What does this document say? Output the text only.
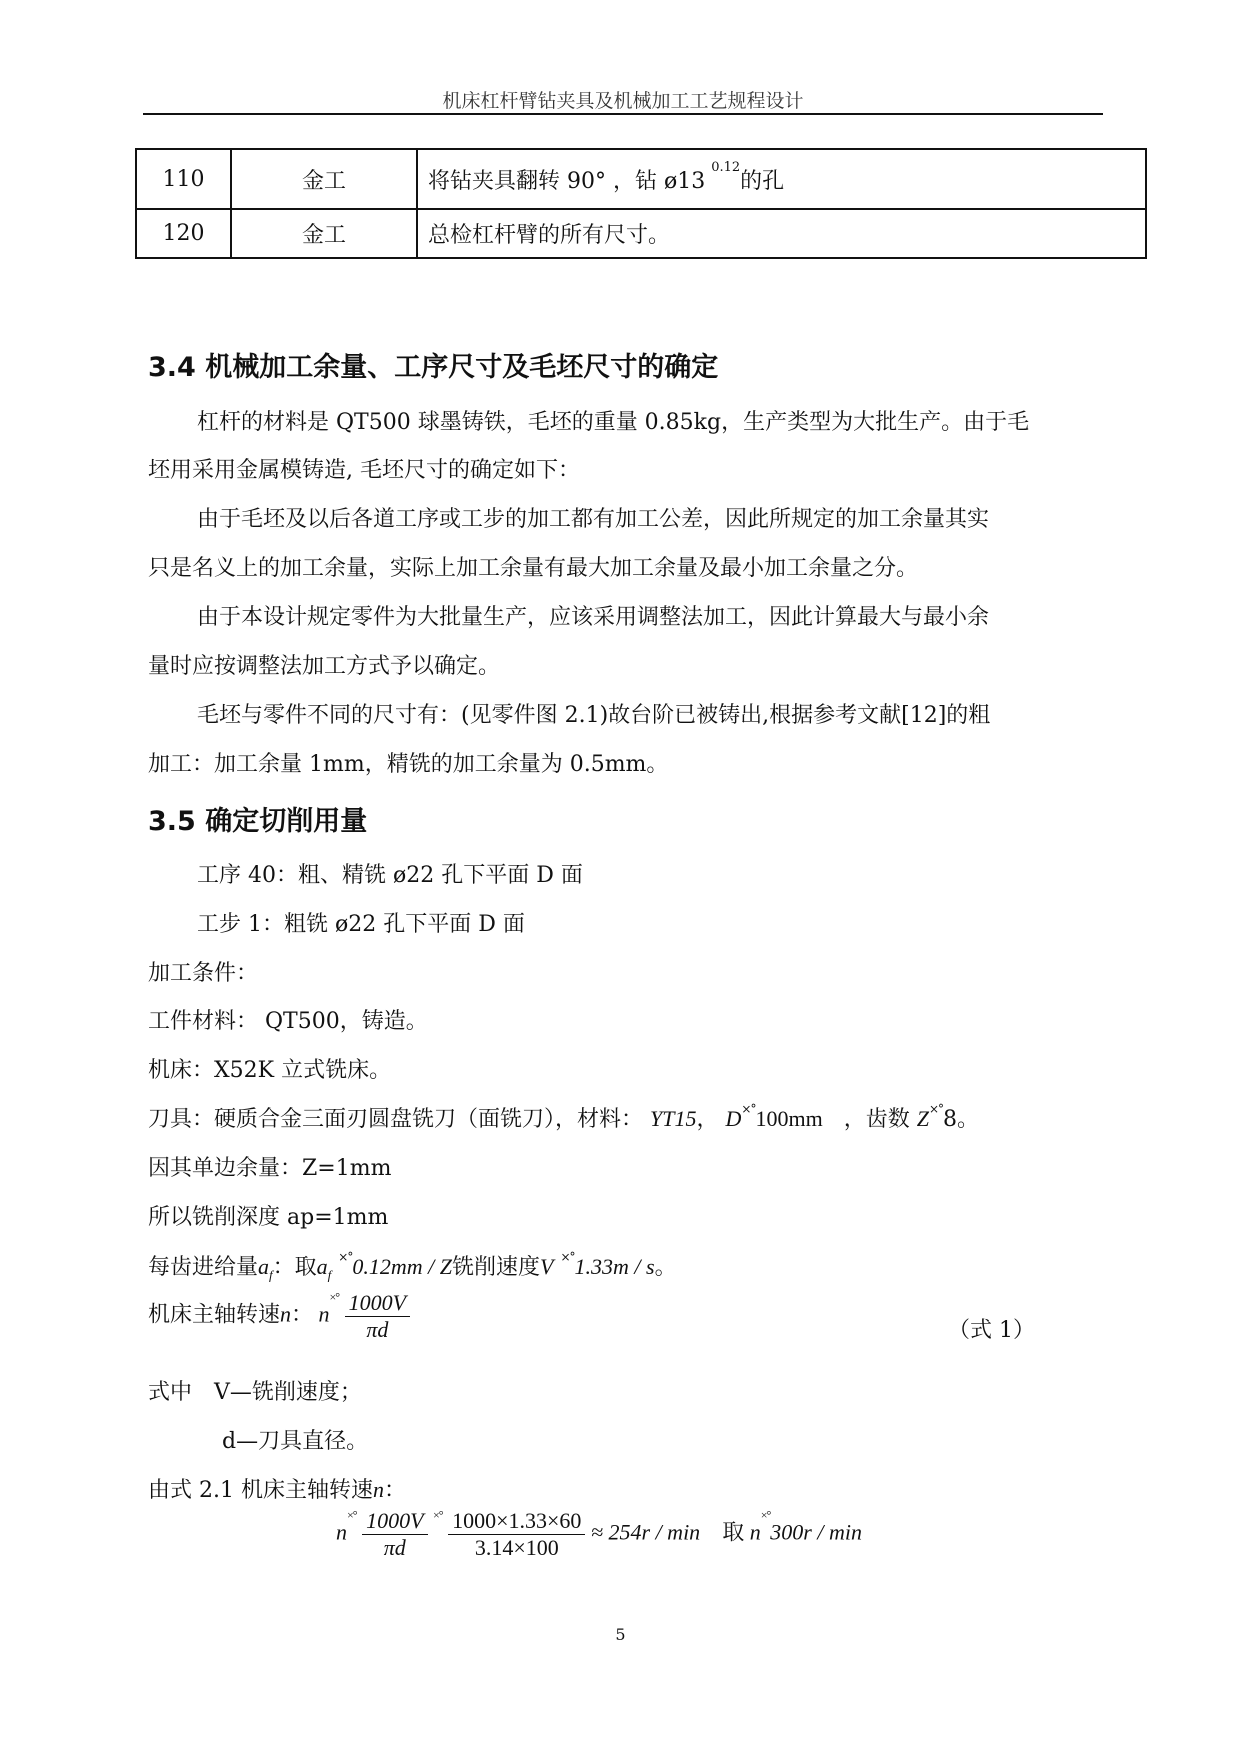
机床杠杆臂钻夹具及机械加工工艺规程设计
110	金工	将钻夹具翻转 90° ，钻 $ø13^{0.12}$的孔
120	金工	总检杠杆臂的所有尺寸。
3.4 机械加工余量、工序尺寸及毛坯尺寸的确定
杠杆的材料是 QT500 球墨铸铁，毛坯的重量 0.85kg，生产类型为大批生产。由于毛
坯用采用金属模铸造, 毛坯尺寸的确定如下：
由于毛坯及以后各道工序或工步的加工都有加工公差，因此所规定的加工余量其实
只是名义上的加工余量，实际上加工余量有最大加工余量及最小加工余量之分。
由于本设计规定零件为大批量生产，应该采用调整法加工，因此计算最大与最小余
量时应按调整法加工方式予以确定。
毛坯与零件不同的尺寸有：(见零件图 2.1)故台阶已被铸出,根据参考文献[12]的粗
加工：加工余量 1mm，精铣的加工余量为 0.5mm。
3.5 确定切削用量
工序 40：粗、精铣 ø22 孔下平面 D 面
工步 1：粗铣 ø22 孔下平面 D 面
加工条件：
工件材料： QT500，铸造。
机床：X52K 立式铣床。
刀具：硬质合金三面刃圆盘铣刀（面铣刀），材料： YT15， D×°100mm ，齿数 Z×°8。
因其单边余量：Z=1mm
所以铣削深度 ap=1mm
每齿进给量$a_f$：取$a_f$ ×°0.12mm / Z铣削速度V ×°1.33m / s。
机床主轴转速n： $n^{\times^\circ} \frac{1000V}{\pi d}$	（式 1）
式中　V—铣削速度；
d—刀具直径。
由式 2.1 机床主轴转速n：
$n^{\times^\circ} \frac{1000V}{\pi d} ^{\times^\circ} \frac{1000\times 1.33\times 60}{3.14\times 100} \approx 254r / \min$ 取 n×°300r / min
5
